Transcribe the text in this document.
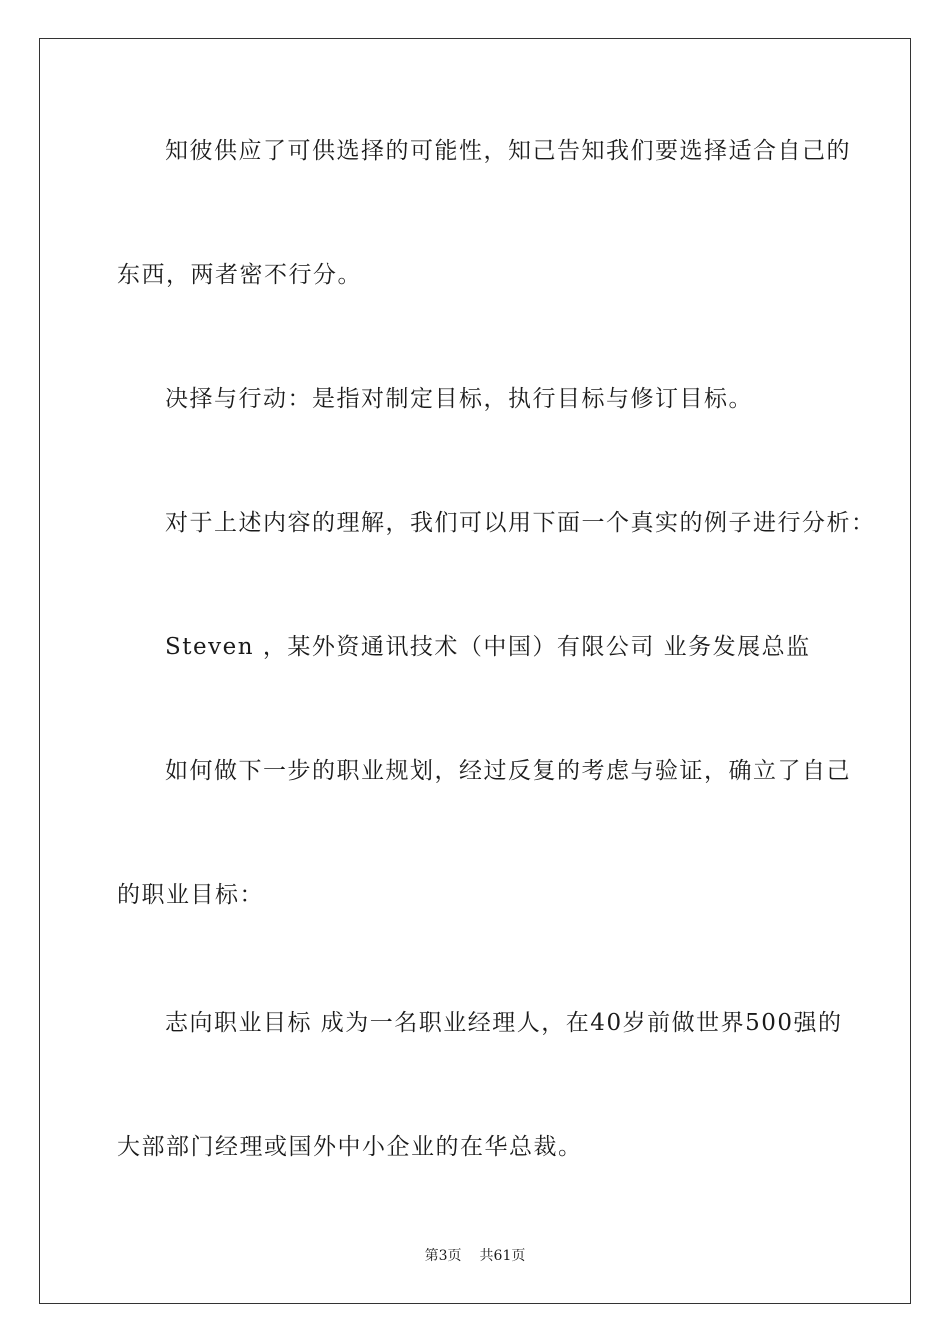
知彼供应了可供选择的可能性，知己告知我们要选择适合自己的
东西，两者密不行分。
决择与行动：是指对制定目标，执行目标与修订目标。
对于上述内容的理解，我们可以用下面一个真实的例子进行分析：
Steven ，某外资通讯技术（中国）有限公司 业务发展总监
如何做下一步的职业规划，经过反复的考虑与验证，确立了自己
的职业目标：
志向职业目标 成为一名职业经理人，在40岁前做世界500强的
大部部门经理或国外中小企业的在华总裁。
第3页 共61页
